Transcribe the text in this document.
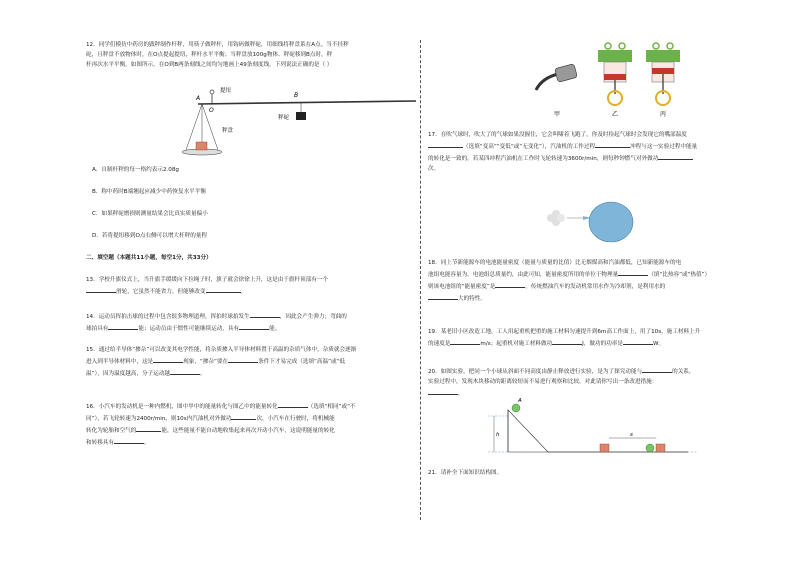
12．同学们模仿中药房的戥秤制作杆秤，用筷子做秤杆，用钩码做秤砣，用细线将秤盘系在A点。当不挂秤
砣，且秤盘不放物体时，在O点提起提纽，秤杆水平平衡；当秤盘放100g物体、秤砣移到B点时，秤
杆再次水平平衡，如图所示。在O到B两条刻线之间均匀地画上49条刻度线。下列说法正确的是（ ）
A
O
提纽
B
秤砣
秤盘
A．自制杆秤的每一格约表示2.08g
B．称中药时B端翘起应减少中药恢复水平平衡
C．如果秤砣磨损则测量结果会比真实质量偏小
D．若将提纽移到O点右侧可以增大杆秤的量程
二、填空题（本题共11小题，每空1分，共33分）
13．学校升旗仪式上，当升旗手缓缓向下拉绳子时，旗子就会徐徐上升，这是由于旗杆顶部有一个
滑轮，它虽然不能省力，但能够改变	。
14．运动员挥拍击球的过程中包含很多物理道理，挥拍时球拍发生	，因此会产生弹力；弯曲的
球拍具有	能；运动员由于惯性可能继续运动，具有	能。
15．通过给半导体“掺杂”可以改变其电学性能，将杂质掺入半导体材料置于高温的杂质气体中，杂质就会逐渐
进入到半导体材料中，这是	现象，“掺杂”要在	条件下才易完成（选填“高温”或“低
温”），因为温度越高，分子运动越	。
16．小汽车的发动机是一种内燃机，图中甲中的能量转化与图乙中的能量转化	（选填“相同”或“不
同”），若飞轮转速为2400r/min，则10s内汽油机对外做功	次，小汽车在行驶时，将机械能
转化为轮胎和空气的	能，这些能量不能自动地收集起来再次开动小汽车，这说明能量的转化
和转移具有	。
甲	乙	丙
17．在吹气球时，吹大了的气球如果没握住，它会叫啸着飞跑了，你及时捡起气球时会发现它的嘴部温度
（选填“变高”“变低”或“无变化”），汽油机的工作过程	冲程与这一实验过程中能量
的转化是一致的。若某四冲程汽油机在工作时飞轮转速为3600r/min，则每秒钟燃气对外做功
次。
18．同上节新能源车的电池能量密度（能量与质量的比值）比无烟煤高和汽油都低，已知新能源车的电
池组电能容量为，电池组总质量约，由此可知，能量密度所用的单位于物理量	（填“比热容”或“热值”）
则该电池组的“能量密度”是	。传统燃油汽车的发动机常用水作为冷却剂，是利用水的
大的特性。
19．某老旧小区改造工地，工人用起重机把重的施工材料匀速提升到6m高工作面上，用了10s，施工材料上升
的速度是	m/s；起重机对施工材料做功	J，做功的功率是	W。
20．如图实验，把同一个小球从斜面不同高度由静止释放进行实验，是为了探究动能与	的关系，
实验过程中，发现木块移动的距离较短而不易进行观察和比较，对此请你写出一条改进措施：
。
A
h	s
21．请补全下面知识结构图。
